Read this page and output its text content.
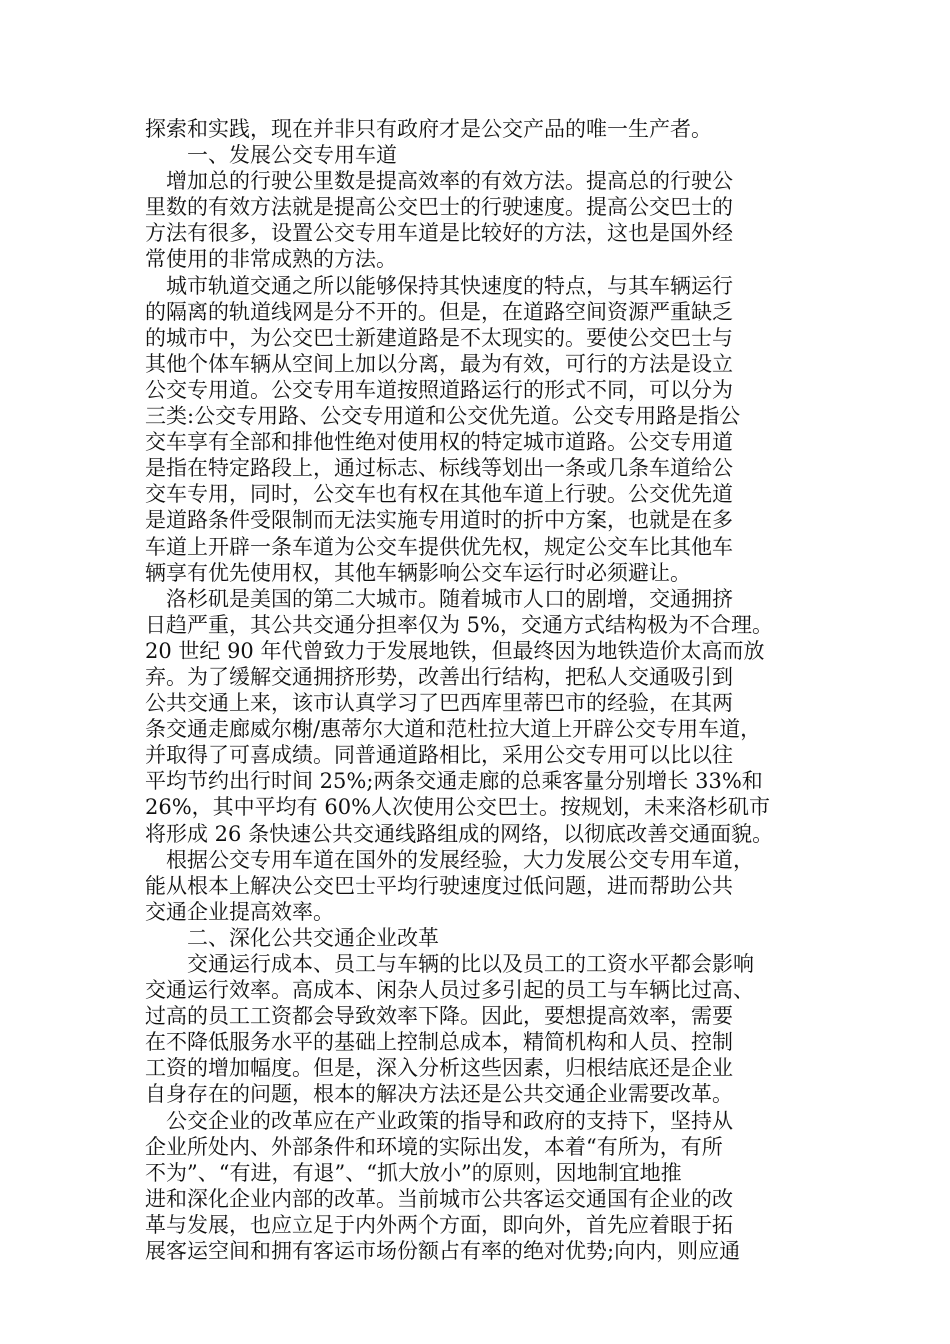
探索和实践，现在并非只有政府才是公交产品的唯一生产者。
　　一、发展公交专用车道
　增加总的行驶公里数是提高效率的有效方法。提高总的行驶公
里数的有效方法就是提高公交巴士的行驶速度。提高公交巴士的
方法有很多，设置公交专用车道是比较好的方法，这也是国外经
常使用的非常成熟的方法。
　城市轨道交通之所以能够保持其快速度的特点，与其车辆运行
的隔离的轨道线网是分不开的。但是，在道路空间资源严重缺乏
的城市中，为公交巴士新建道路是不太现实的。要使公交巴士与
其他个体车辆从空间上加以分离，最为有效，可行的方法是设立
公交专用道。公交专用车道按照道路运行的形式不同，可以分为
三类:公交专用路、公交专用道和公交优先道。公交专用路是指公
交车享有全部和排他性绝对使用权的特定城市道路。公交专用道
是指在特定路段上，通过标志、标线等划出一条或几条车道给公
交车专用，同时，公交车也有权在其他车道上行驶。公交优先道
是道路条件受限制而无法实施专用道时的折中方案，也就是在多
车道上开辟一条车道为公交车提供优先权，规定公交车比其他车
辆享有优先使用权，其他车辆影响公交车运行时必须避让。
　洛杉矶是美国的第二大城市。随着城市人口的剧增，交通拥挤
日趋严重，其公共交通分担率仅为 5%，交通方式结构极为不合理。
20 世纪 90 年代曾致力于发展地铁，但最终因为地铁造价太高而放
弃。为了缓解交通拥挤形势，改善出行结构，把私人交通吸引到
公共交通上来，该市认真学习了巴西库里蒂巴市的经验，在其两
条交通走廊威尔榭/惠蒂尔大道和范杜拉大道上开辟公交专用车道，
并取得了可喜成绩。同普通道路相比，采用公交专用可以比以往
平均节约出行时间 25%;两条交通走廊的总乘客量分别增长 33%和
26%，其中平均有 60%人次使用公交巴士。按规划，未来洛杉矶市
将形成 26 条快速公共交通线路组成的网络，以彻底改善交通面貌。
　根据公交专用车道在国外的发展经验，大力发展公交专用车道，
能从根本上解决公交巴士平均行驶速度过低问题，进而帮助公共
交通企业提高效率。
　　二、深化公共交通企业改革
　　交通运行成本、员工与车辆的比以及员工的工资水平都会影响
交通运行效率。高成本、闲杂人员过多引起的员工与车辆比过高、
过高的员工工资都会导致效率下降。因此，要想提高效率，需要
在不降低服务水平的基础上控制总成本，精简机构和人员、控制
工资的增加幅度。但是，深入分析这些因素，归根结底还是企业
自身存在的问题，根本的解决方法还是公共交通企业需要改革。
　公交企业的改革应在产业政策的指导和政府的支持下，坚持从
企业所处内、外部条件和环境的实际出发，本着“有所为，有所
不为”、“有进，有退”、“抓大放小”的原则，因地制宜地推
进和深化企业内部的改革。当前城市公共客运交通国有企业的改
革与发展，也应立足于内外两个方面，即向外，首先应着眼于拓
展客运空间和拥有客运市场份额占有率的绝对优势;向内，则应通
